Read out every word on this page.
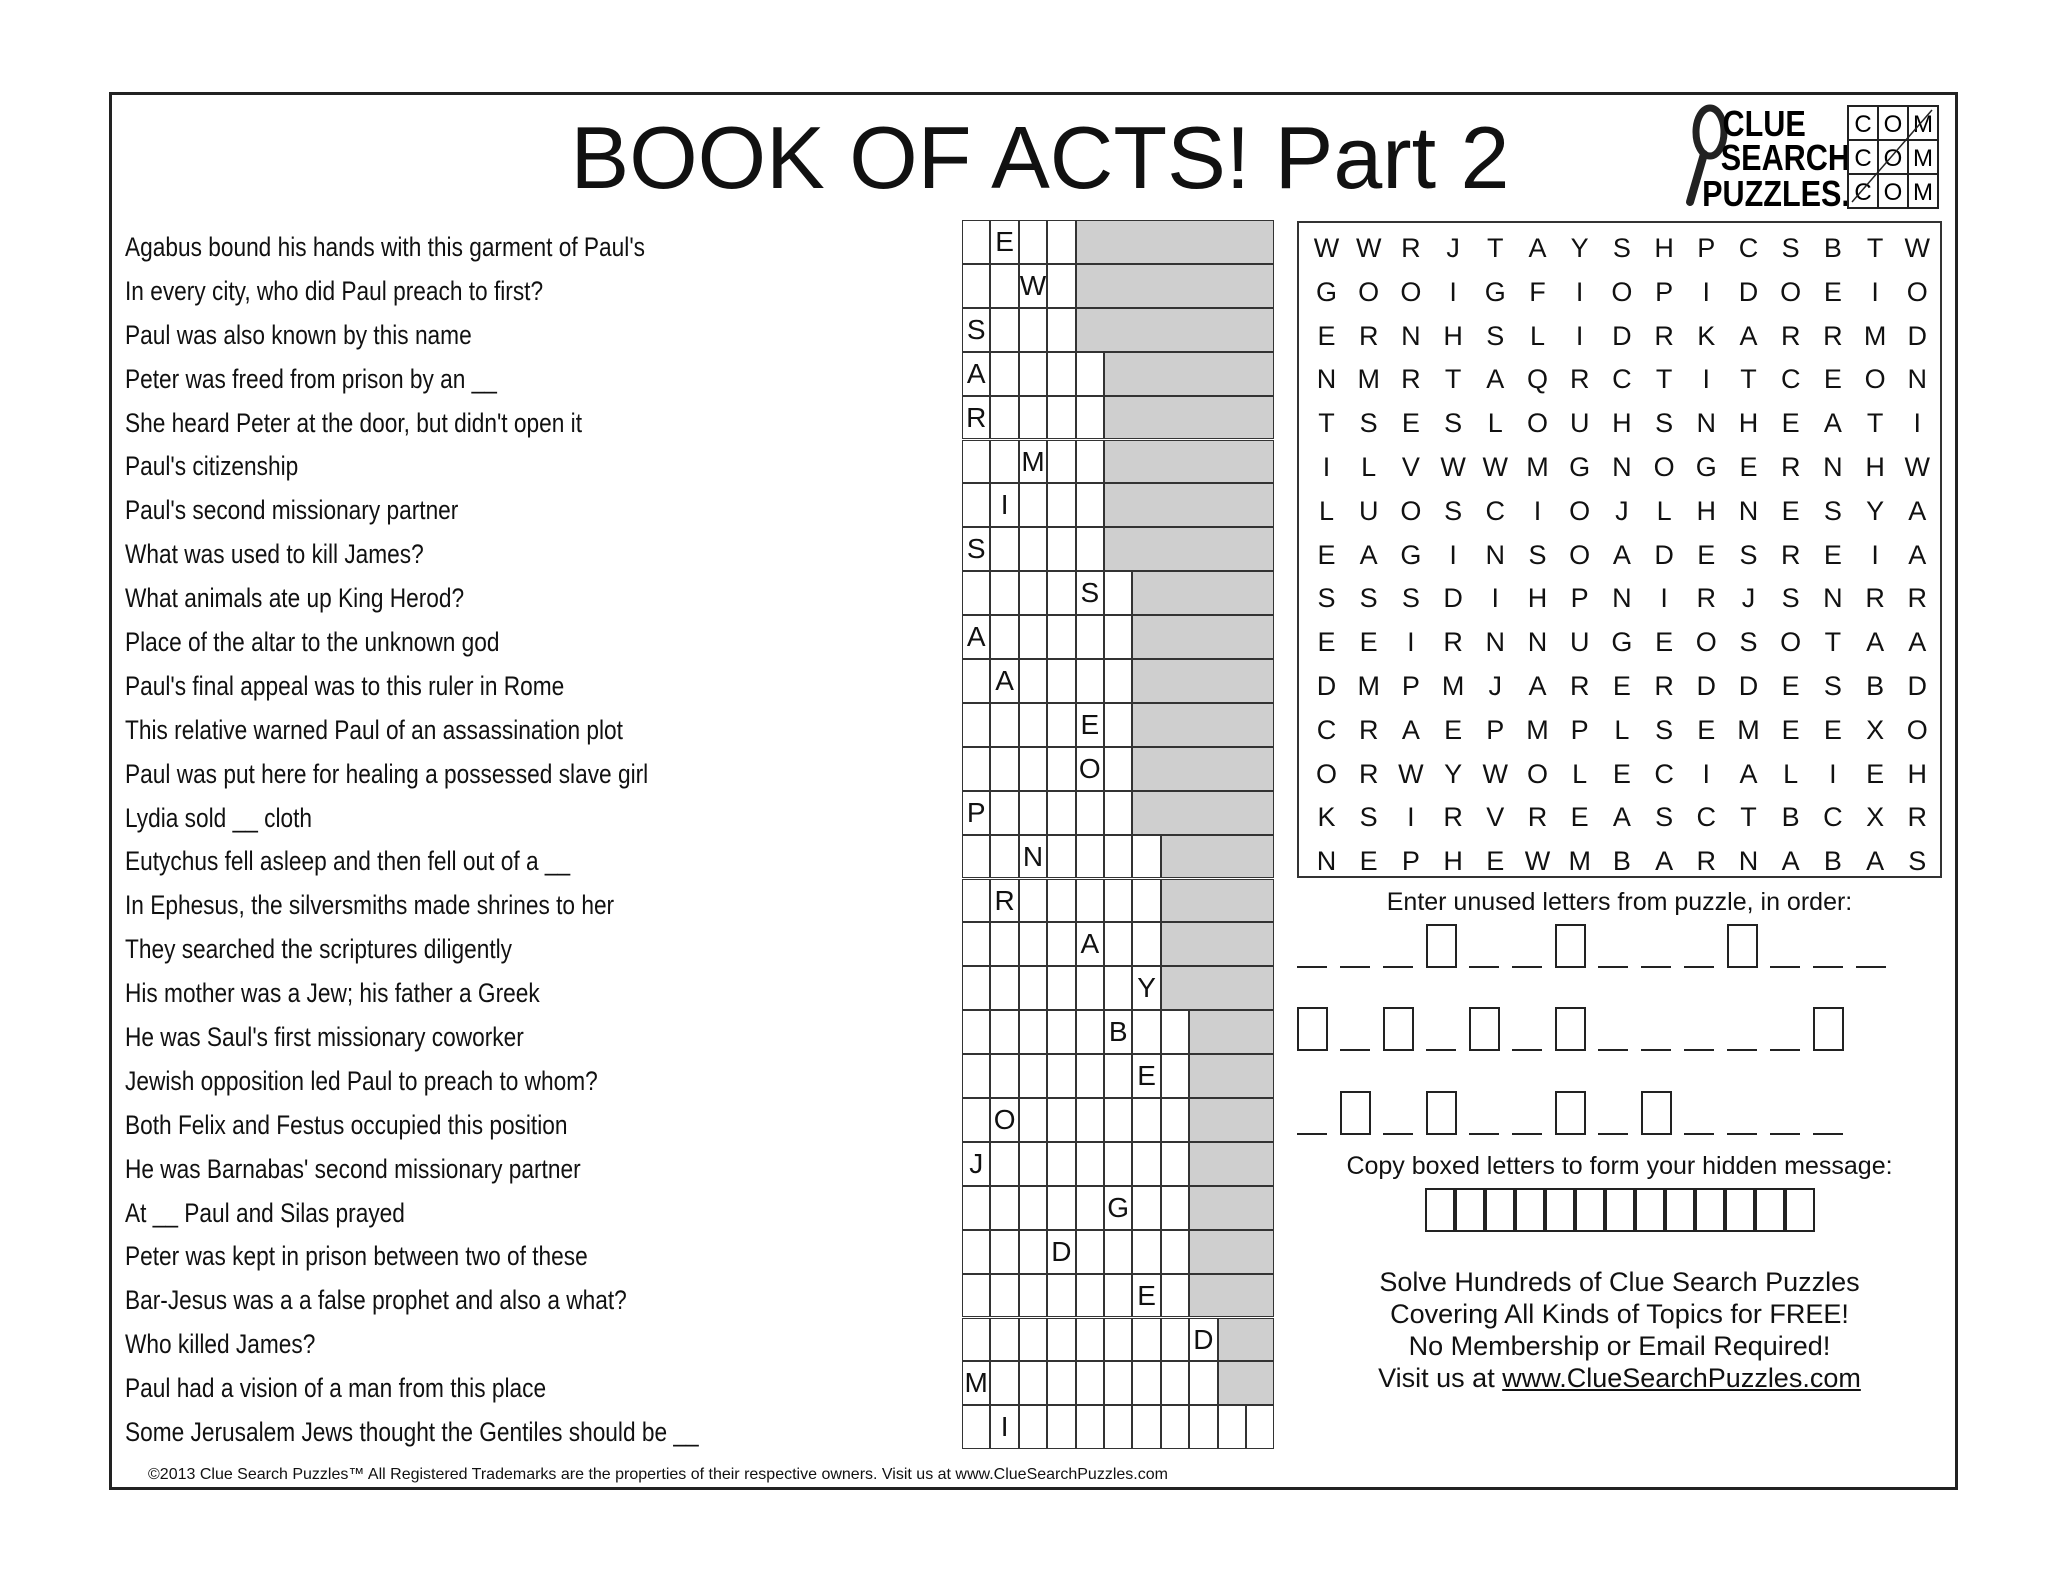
BOOK OF ACTS! Part 2	CLUE
SEARCH
PUZZLES.
C O M
C O M
C O M
Agabus bound his hands with this garment of Paul's
In every city, who did Paul preach to first?
Paul was also known by this name
Peter was freed from prison by an __
She heard Peter at the door, but didn't open it
Paul's citizenship
Paul's second missionary partner
What was used to kill James?
What animals ate up King Herod?
Place of the altar to the unknown god
Paul's final appeal was to this ruler in Rome
This relative warned Paul of an assassination plot
Paul was put here for healing a possessed slave girl
Lydia sold __ cloth
Eutychus fell asleep and then fell out of a __
In Ephesus, the silversmiths made shrines to her
They searched the scriptures diligently
His mother was a Jew; his father a Greek
He was Saul's first missionary coworker
Jewish opposition led Paul to preach to whom?
Both Felix and Festus occupied this position
He was Barnabas' second missionary partner
At __ Paul and Silas prayed
Peter was kept in prison between two of these
Bar-Jesus was a a false prophet and also a what?
Who killed James?
Paul had a vision of a man from this place
Some Jerusalem Jews thought the Gentiles should be __
E
W
S
A
R
M
I
S
S
A
A
E
O
P
N
R
A
Y
B
E
O
J
G
D
E
D
M
I
W W R J	T A Y S H P C S B T W
G O O	I	G F	I	O P	I	D O E	I	O
E R N H S L	I	D R K A R R M D
N M R T A Q R C T	I	T C E O N
T S E S L O U H S N H E A T	I
I	L V W W M G N O G E R N H W
L U O S C	I	O J	L H N E S Y A
E A G	I	N S O A D E S R E	I	A
S S S D	I	H P N	I	R J S N R R
E E	I	R N N U G E O S O T A A
D M P M J A R E R D D E S B D
C R A E P M P L S E M E E X O
O R W Y W O L E C	I	A L	I	E H
K S	I	R V R E A S C T B C X R
N E P H E W M B A R N A B A S
Enter unused letters from puzzle, in order:
Copy boxed letters to form your hidden message:
Solve Hundreds of Clue Search Puzzles
Covering All Kinds of Topics for FREE!
No Membership or Email Required!
Visit us at www.ClueSearchPuzzles.com
©2013 Clue Search Puzzles™ All Registered Trademarks are the properties of their respective owners. Visit us at www.ClueSearchPuzzles.com
